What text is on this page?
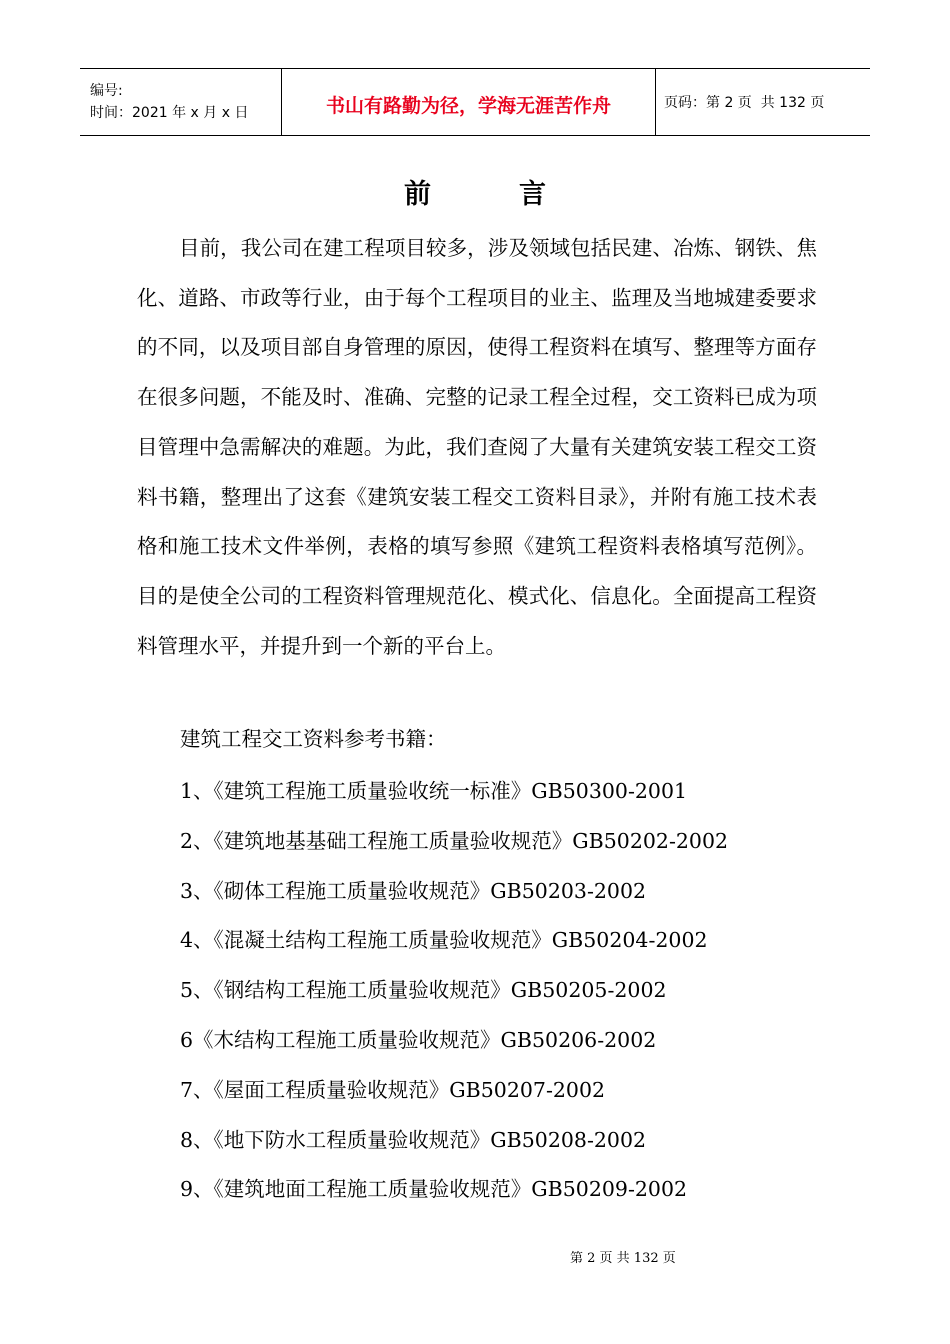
编号:
时间：2021 年 x 月 x 日	书山有路勤为径，学海无涯苦作舟	页码：第 2 页  共 132 页
前	言

目前，我公司在建工程项目较多，涉及领域包括民建、冶炼、钢铁、焦化、道路、市政等行业，由于每个工程项目的业主、监理及当地城建委要求的不同，以及项目部自身管理的原因，使得工程资料在填写、整理等方面存在很多问题，不能及时、准确、完整的记录工程全过程，交工资料已成为项目管理中急需解决的难题。为此，我们查阅了大量有关建筑安装工程交工资料书籍，整理出了这套《建筑安装工程交工资料目录》，并附有施工技术表格和施工技术文件举例，表格的填写参照《建筑工程资料表格填写范例》。目的是使全公司的工程资料管理规范化、模式化、信息化。全面提高工程资料管理水平，并提升到一个新的平台上。

建筑工程交工资料参考书籍：

1、《建筑工程施工质量验收统一标准》GB50300-2001
2、《建筑地基基础工程施工质量验收规范》GB50202-2002
3、《砌体工程施工质量验收规范》GB50203-2002
4、《混凝土结构工程施工质量验收规范》GB50204-2002
5、《钢结构工程施工质量验收规范》GB50205-2002
6《木结构工程施工质量验收规范》GB50206-2002
7、《屋面工程质量验收规范》GB50207-2002
8、《地下防水工程质量验收规范》GB50208-2002
9、《建筑地面工程施工质量验收规范》GB50209-2002
第 2 页 共 132 页
